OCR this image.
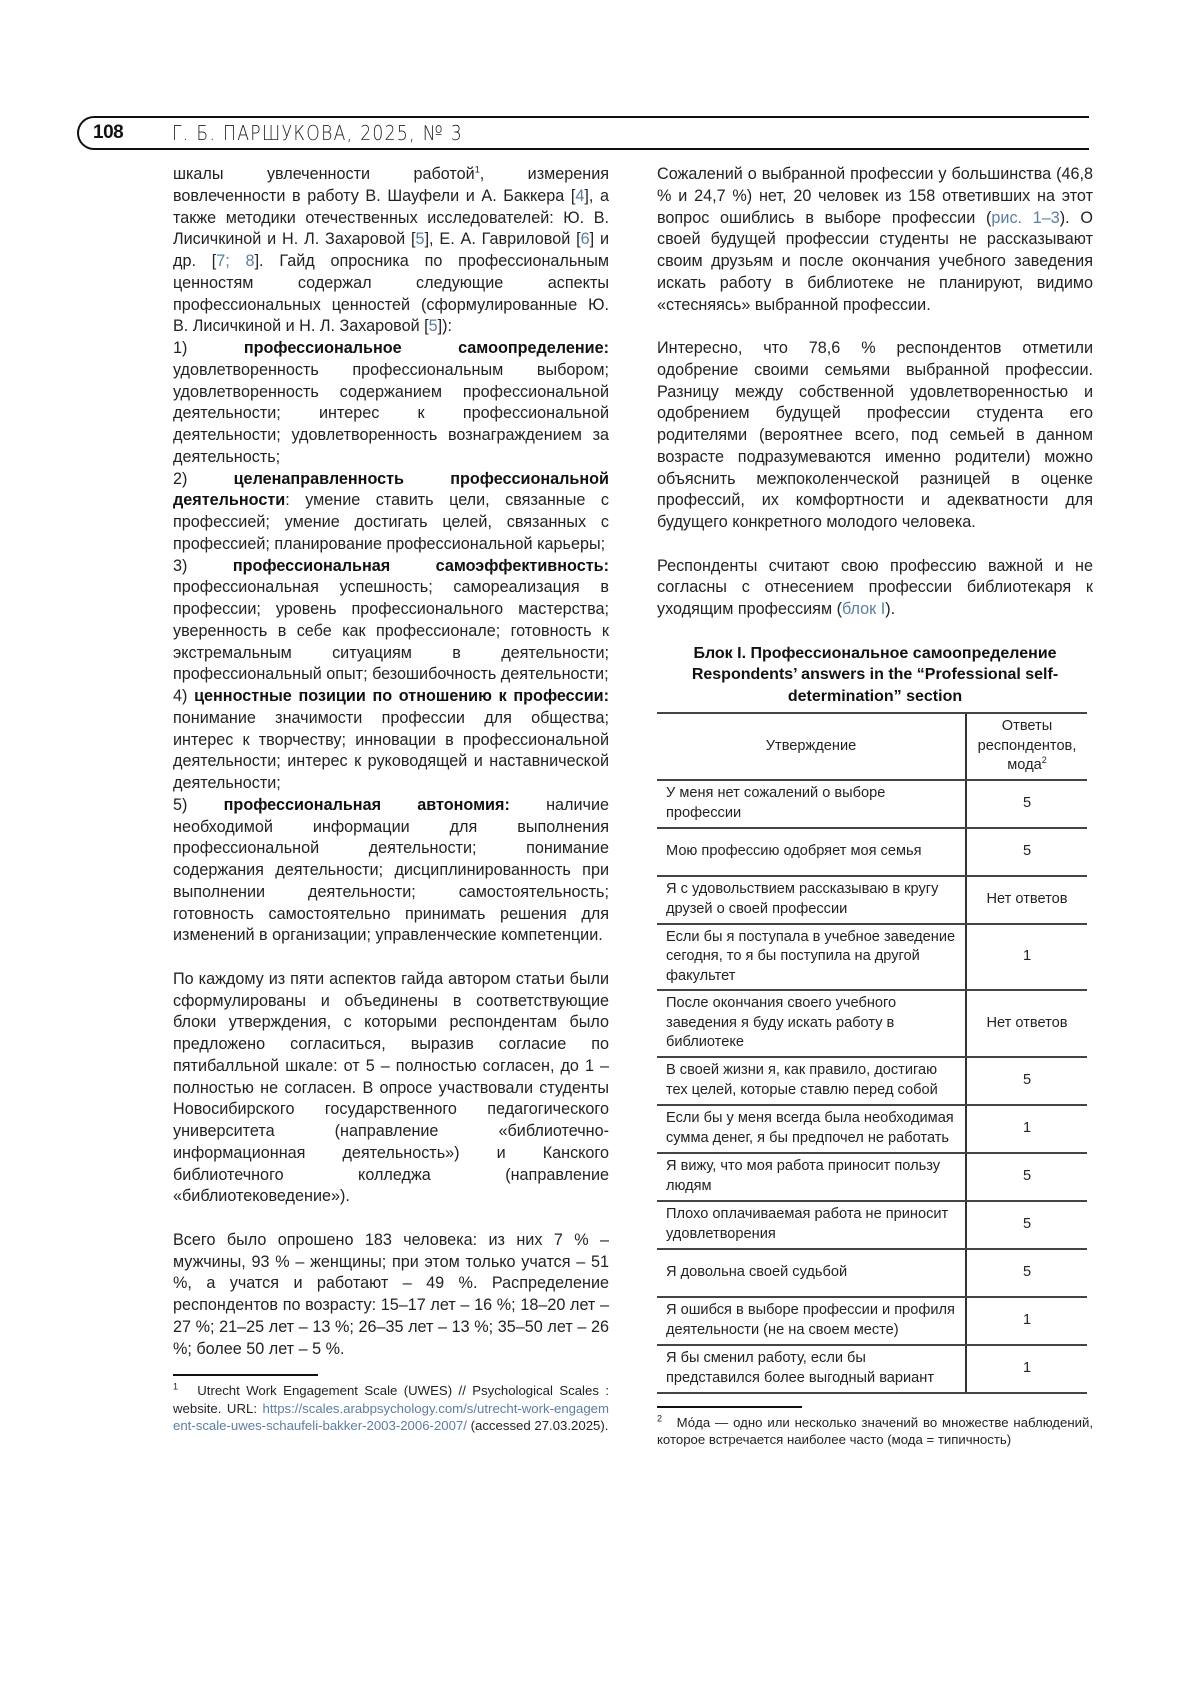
108 Г. Б. ПАРШУКОВА, 2025, № 3

шкалы увлеченности работой$^1$, измерения вовлеченности в работу В. Шауфели и А. Баккера [4], а также методики отечественных исследователей: Ю. В. Лисичкиной и Н. Л. Захаровой [5], Е. А. Гавриловой [6] и др. [7; 8]. Гайд опросника по профессиональным ценностям содержал следующие аспекты профессиональных ценностей (сформулированные Ю. В. Лисичкиной и Н. Л. Захаровой [5]):

1) профессиональное самоопределение: удовлетворенность профессиональным выбором; удовлетворенность содержанием профессиональной деятельности; интерес к профессиональной деятельности; удовлетворенность вознаграждением за деятельность;

2) целенаправленность профессиональной деятельности: умение ставить цели, связанные с профессией; умение достигать целей, связанных с профессией; планирование профессиональной карьеры;

3) профессиональная самоэффективность: профессиональная успешность; самореализация в профессии; уровень профессионального мастерства; уверенность в себе как профессионале; готовность к экстремальным ситуациям в деятельности; профессиональный опыт; безошибочность деятельности;

4) ценностные позиции по отношению к профессии: понимание значимости профессии для общества; интерес к творчеству; инновации в профессиональной деятельности; интерес к руководящей и наставнической деятельности;

5) профессиональная автономия: наличие необходимой информации для выполнения профессиональной деятельности; понимание содержания деятельности; дисциплинированность при выполнении деятельности; самостоятельность; готовность самостоятельно принимать решения для изменений в организации; управленческие компетенции.

По каждому из пяти аспектов гайда автором статьи были сформулированы и объединены в соответствующие блоки утверждения, с которыми респондентам было предложено согласиться, выразив согласие по пятибалльной шкале: от 5 – полностью согласен, до 1 – полностью не согласен. В опросе участвовали студенты Новосибирского государственного педагогического университета (направление «библиотечно-информационная деятельность») и Канского библиотечного колледжа (направление «библиотековедение»).

Всего было опрошено 183 человека: из них 7 % – мужчины, 93 % – женщины; при этом только учатся – 51 %, а учатся и работают – 49 %. Распределение респондентов по возрасту: 15–17 лет – 16 %; 18–20 лет – 27 %; 21–25 лет – 13 %; 26–35 лет – 13 %; 35–50 лет – 26 %; более 50 лет – 5 %.

$^1$ Utrecht Work Engagement Scale (UWES) // Psychological Scales : website. URL: https://scales.arabpsychology.com/s/utrecht-work-engagement-scale-uwes-schaufeli-bakker-2003-2006-2007/ (accessed 27.03.2025).

Сожалений о выбранной профессии у большинства (46,8 % и 24,7 %) нет, 20 человек из 158 ответивших на этот вопрос ошиблись в выборе профессии (рис. 1–3). О своей будущей профессии студенты не рассказывают своим друзьям и после окончания учебного заведения искать работу в библиотеке не планируют, видимо «стесняясь» выбранной профессии.

Интересно, что 78,6 % респондентов отметили одобрение своими семьями выбранной профессии. Разницу между собственной удовлетворенностью и одобрением будущей профессии студента его родителями (вероятнее всего, под семьей в данном возрасте подразумеваются именно родители) можно объяснить межпоколенческой разницей в оценке профессий, их комфортности и адекватности для будущего конкретного молодого человека.

Респонденты считают свою профессию важной и не согласны с отнесением профессии библиотекаря к уходящим профессиям (блок I).

Блок I. Профессиональное самоопределение
Respondents’ answers in the “Professional self-determination” section
Утверждение	Ответы респондентов, мода$^2$
У меня нет сожалений о выборе профессии	5
Мою профессию одобряет моя семья	5
Я с удовольствием рассказываю в кругу друзей о своей профессии	Нет ответов
Если бы я поступала в учебное заведение сегодня, то я бы поступила на другой факультет	1
После окончания своего учебного заведения я буду искать работу в библиотеке	Нет ответов
В своей жизни я, как правило, достигаю тех целей, которые ставлю перед собой	5
Если бы у меня всегда была необходимая сумма денег, я бы предпочел не работать	1
Я вижу, что моя работа приносит пользу людям	5
Плохо оплачиваемая работа не приносит удовлетворения	5
Я довольна своей судьбой	5
Я ошибся в выборе профессии и профиля деятельности (не на своем месте)	1
Я бы сменил работу, если бы представился более выгодный вариант	1
$^2$ Мо́да — одно или несколько значений во множестве наблюдений, которое встречается наиболее часто (мода = типичность)
